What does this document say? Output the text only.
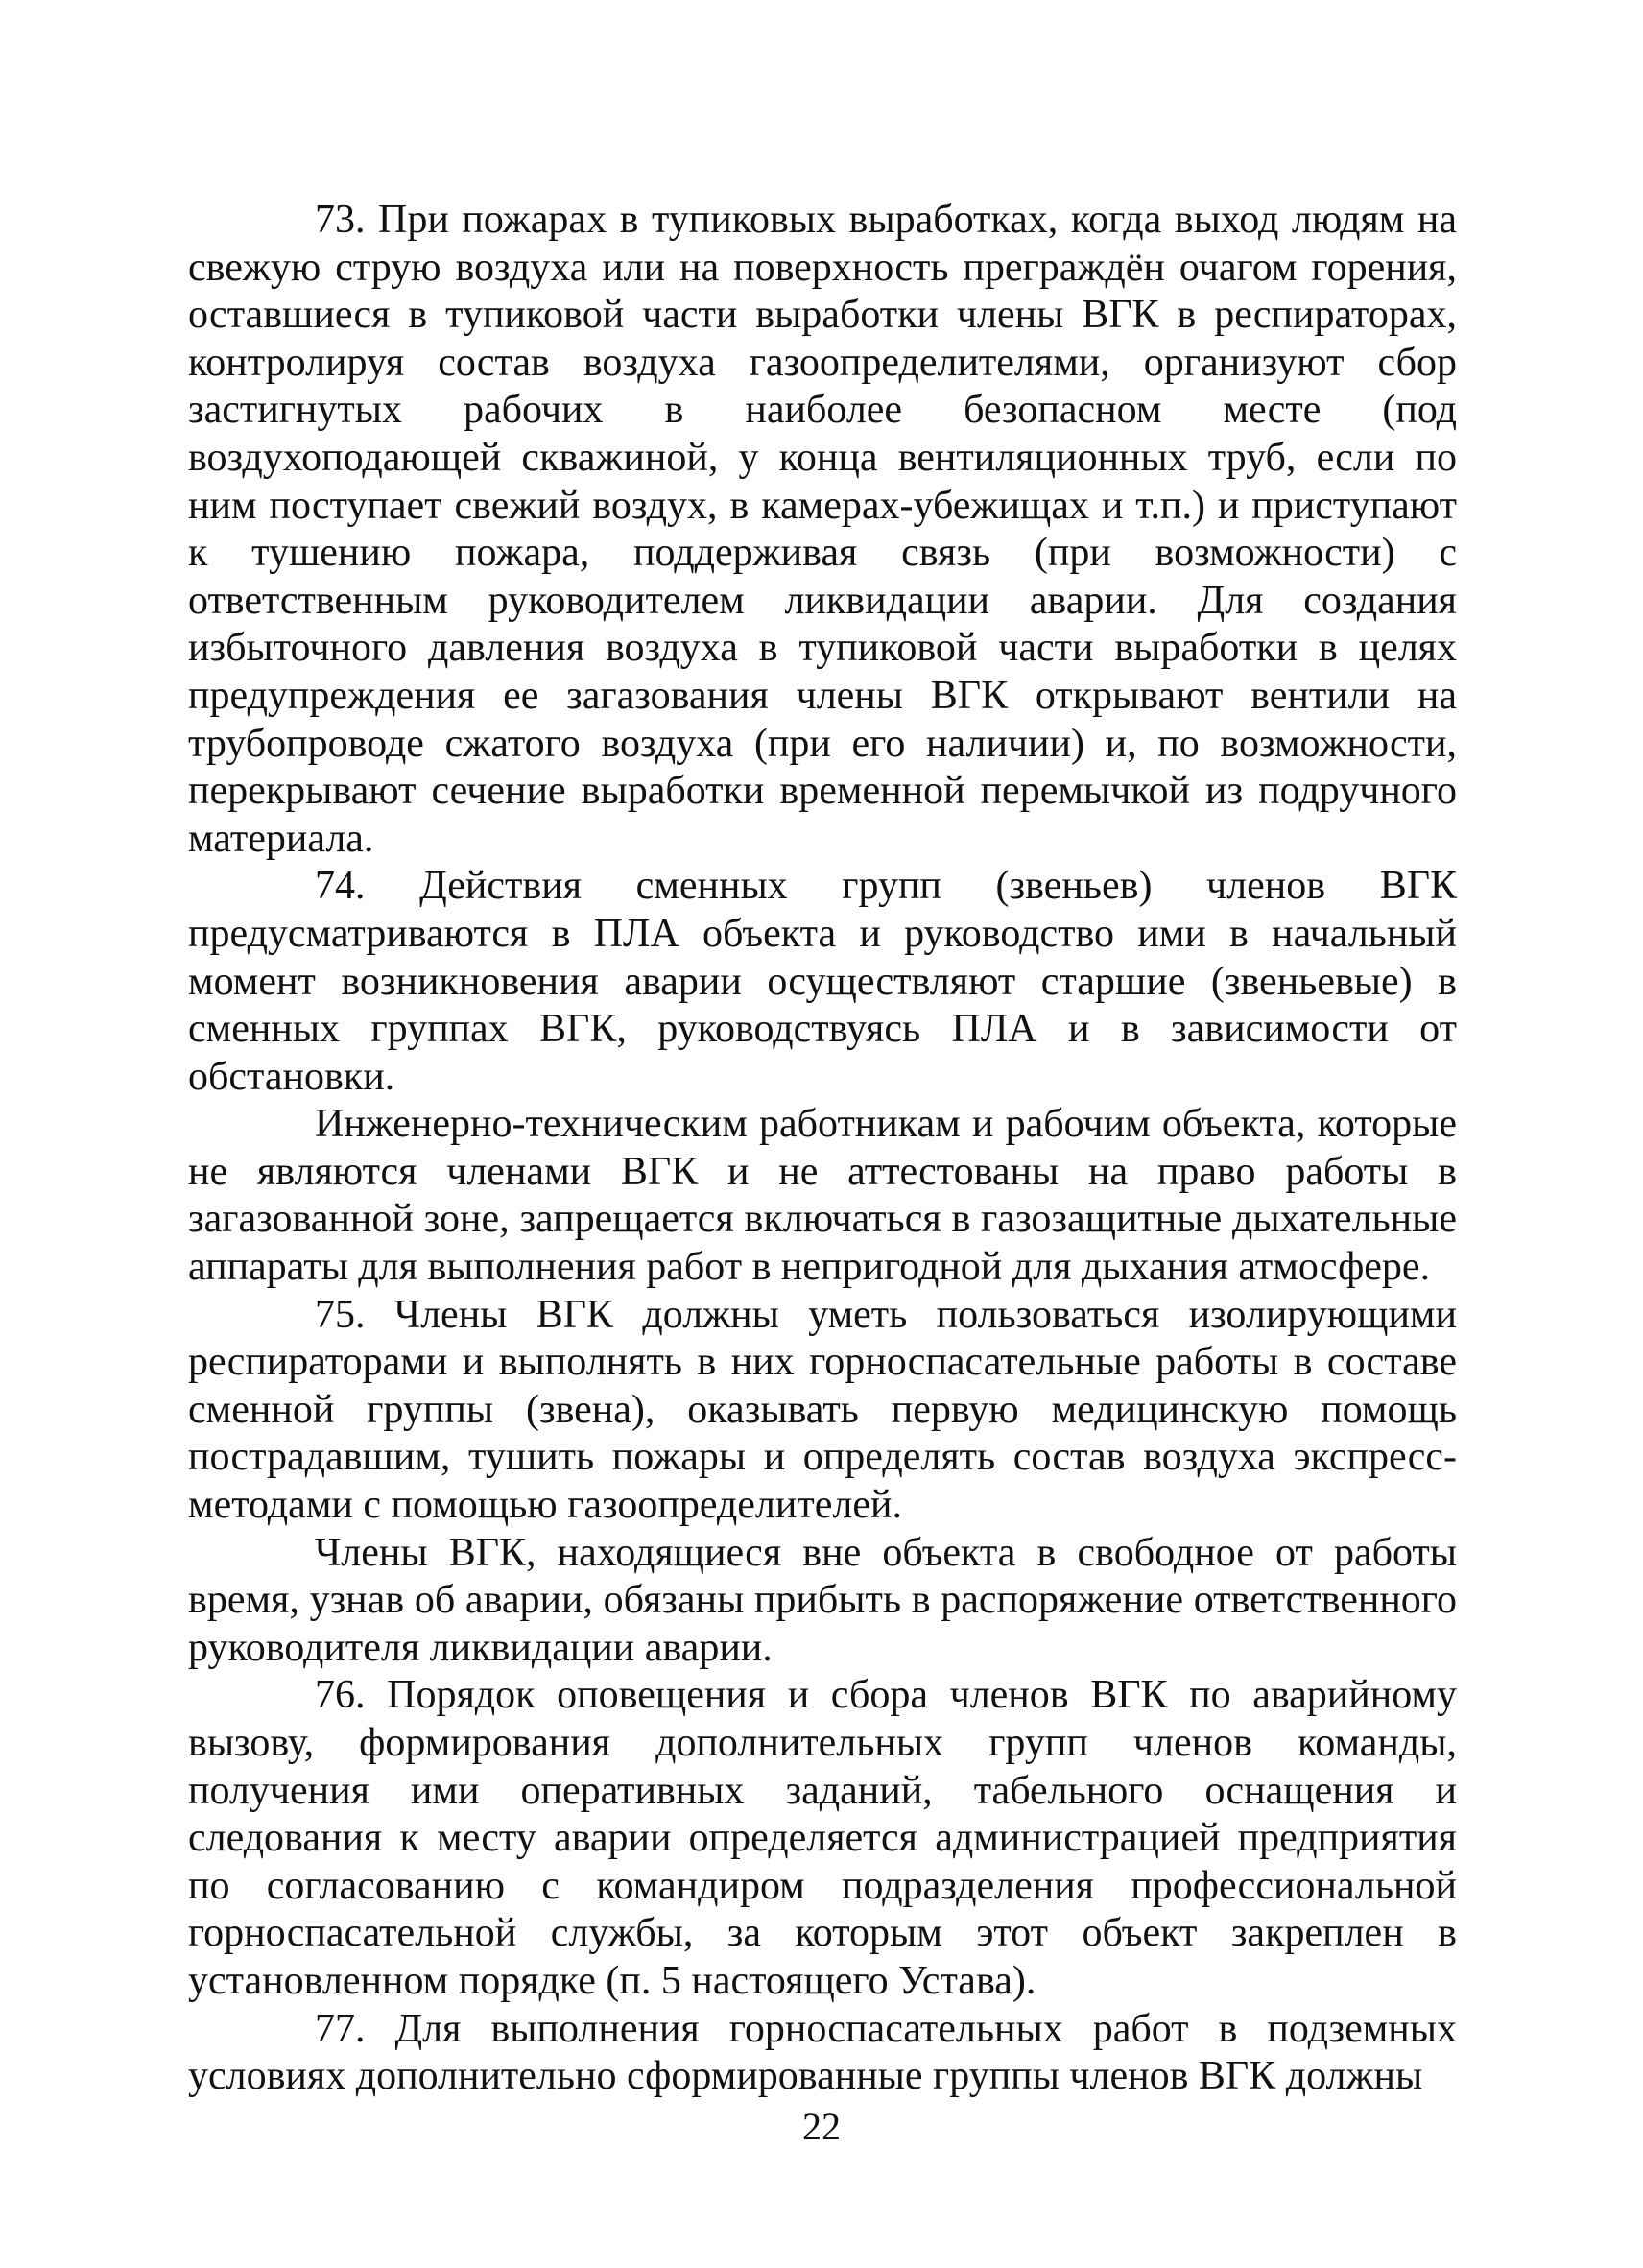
73. При пожарах в тупиковых выработках, когда выход людям на свежую струю воздуха или на поверхность преграждён очагом горения, оставшиеся в тупиковой части выработки члены ВГК в респираторах, контролируя состав воздуха газоопределителями, организуют сбор застигнутых рабочих в наиболее безопасном месте (под воздухоподающей скважиной, у конца вентиляционных труб, если по ним поступает свежий воздух, в камерах-убежищах и т.п.) и приступают к тушению пожара, поддерживая связь (при возможности) с ответственным руководителем ликвидации аварии. Для создания избыточного давления воздуха в тупиковой части выработки в целях предупреждения ее загазования члены ВГК открывают вентили на трубопроводе сжатого воздуха (при его наличии) и, по возможности, перекрывают сечение выработки временной перемычкой из подручного материала.

74. Действия сменных групп (звеньев) членов ВГК предусматриваются в ПЛА объекта и руководство ими в начальный момент возникновения аварии осуществляют старшие (звеньевые) в сменных группах ВГК, руководствуясь ПЛА и в зависимости от обстановки.

Инженерно-техническим работникам и рабочим объекта, которые не являются членами ВГК и не аттестованы на право работы в загазованной зоне, запрещается включаться в газозащитные дыхательные аппараты для выполнения работ в непригодной для дыхания атмосфере.

75. Члены ВГК должны уметь пользоваться изолирующими респираторами и выполнять в них горноспасательные работы в составе сменной группы (звена), оказывать первую медицинскую помощь пострадавшим, тушить пожары и определять состав воздуха экспресс-методами с помощью газоопределителей.

Члены ВГК, находящиеся вне объекта в свободное от работы время, узнав об аварии, обязаны прибыть в распоряжение ответственного руководителя ликвидации аварии.

76. Порядок оповещения и сбора членов ВГК по аварийному вызову, формирования дополнительных групп членов команды, получения ими оперативных заданий, табельного оснащения и следования к месту аварии определяется администрацией предприятия по согласованию с командиром подразделения профессиональной горноспасательной службы, за которым этот объект закреплен в установленном порядке (п. 5 настоящего Устава).

77. Для выполнения горноспасательных работ в подземных условиях дополнительно сформированные группы членов ВГК должны

22
